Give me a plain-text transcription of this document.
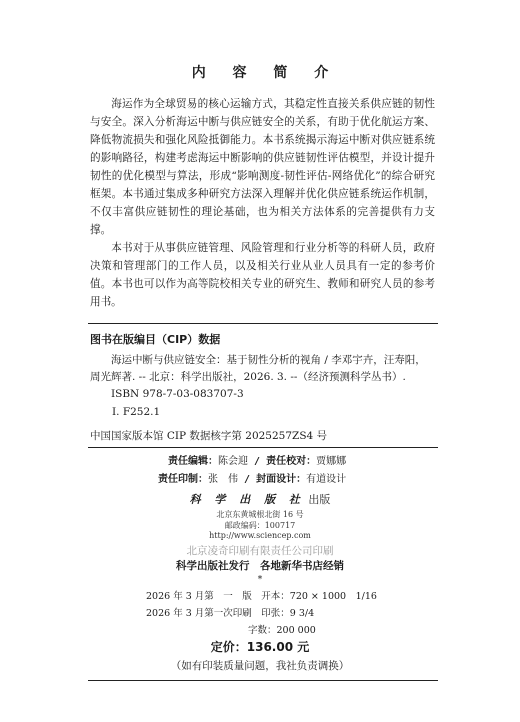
内 容 简 介

海运作为全球贸易的核心运输方式，其稳定性直接关系供应链的韧性与安全。深入分析海运中断与供应链安全的关系，有助于优化航运方案、降低物流损失和强化风险抵御能力。本书系统揭示海运中断对供应链系统的影响路径，构建考虑海运中断影响的供应链韧性评估模型，并设计提升韧性的优化模型与算法，形成“影响测度-韧性评估-网络优化”的综合研究框架。本书通过集成多种研究方法深入理解并优化供应链系统运作机制，不仅丰富供应链韧性的理论基础，也为相关方法体系的完善提供有力支撑。

本书对于从事供应链管理、风险管理和行业分析等的科研人员，政府决策和管理部门的工作人员，以及相关行业从业人员具有一定的参考价值。本书也可以作为高等院校相关专业的研究生、教师和研究人员的参考用书。

图书在版编目（CIP）数据
海运中断与供应链安全：基于韧性分析的视角 / 李邓宇卉，汪寿阳，
周光辉著. -- 北京：科学出版社，2026. 3. --（经济预测科学丛书）.
ISBN 978-7-03-083707-3
Ⅰ. F252.1
中国国家版本馆 CIP 数据核字第 2025257ZS4 号
责任编辑：陈会迎 / 责任校对：贾娜娜
责任印制：张　伟 / 封面设计：有道设计
科 学 出 版 社 出版
北京东黄城根北街 16 号
邮政编码：100717
http://www.sciencep.com
北京凌奇印刷有限责任公司印刷
科学出版社发行　各地新华书店经销
*
2026 年 3 月第　一　版　开本：720 × 1000　1/16
2026 年 3 月第一次印刷　印张：9 3/4
字数：200 000
定价：136.00 元
（如有印装质量问题，我社负责调换）
